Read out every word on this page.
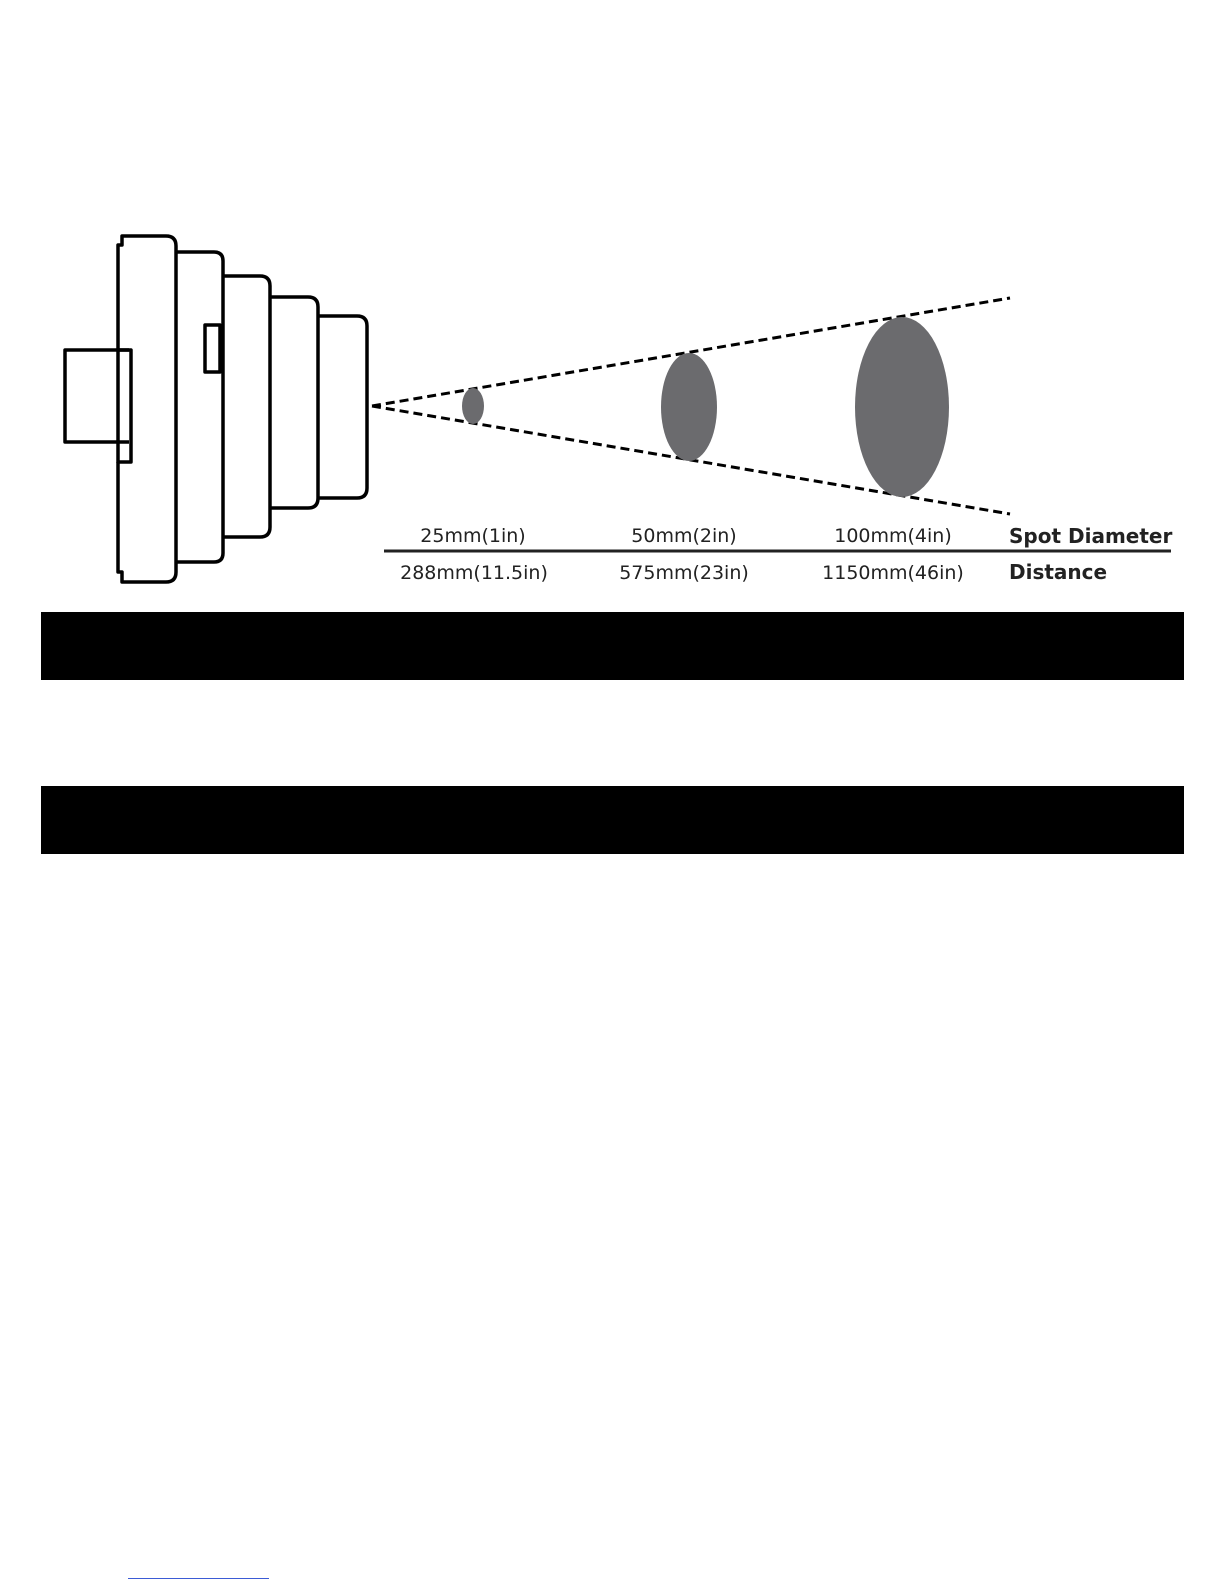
25mm(1in)	50mm(2in)	100mm(4in)	Spot Diameter
288mm(11.5in)	575mm(23in)	1150mm(46in) Distance
